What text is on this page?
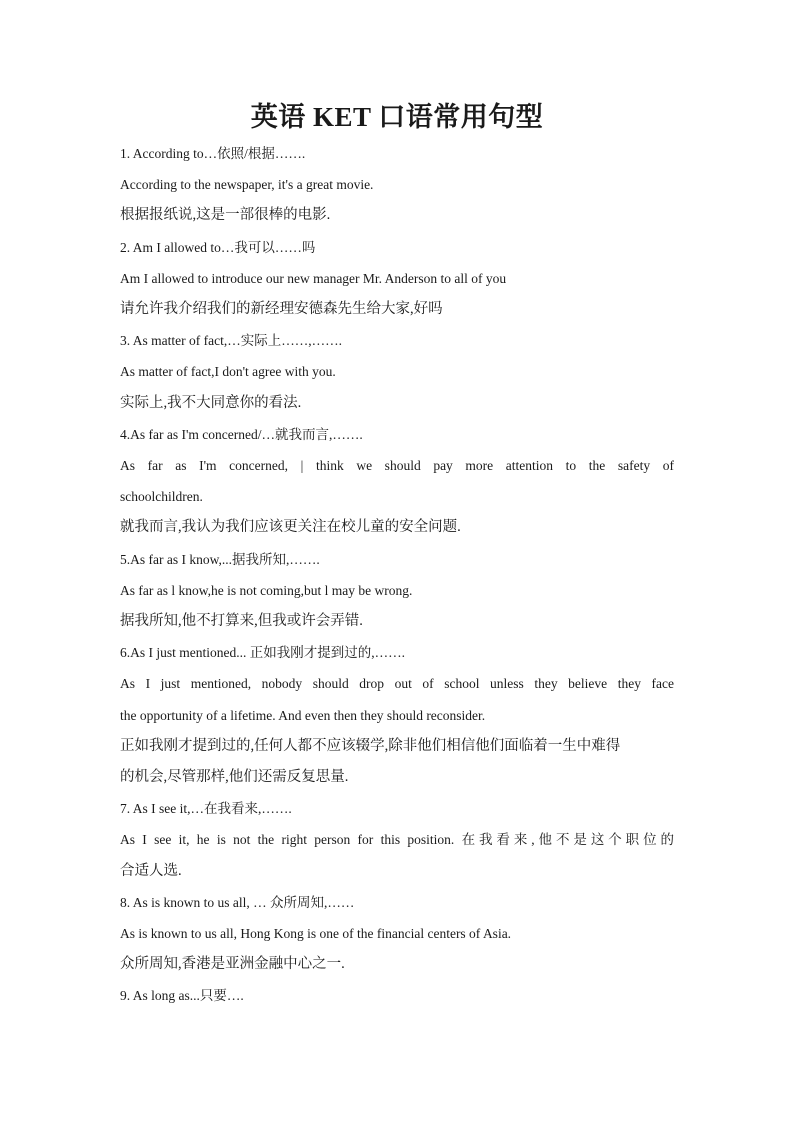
英语 KET 口语常用句型

1. According to…依照/根据…….

According to the newspaper, it's a great movie.

根据报纸说,这是一部很棒的电影.

2. Am I allowed to…我可以……吗

Am I allowed to introduce our new manager Mr. Anderson to all of you

请允许我介绍我们的新经理安德森先生给大家,好吗

3. As matter of fact,…实际上……,…….

As matter of fact,I don't agree with you.

实际上,我不大同意你的看法.

4.As far as I'm concerned/…就我而言,…….

As far as I'm concerned, | think we should pay more attention to the safety of

schoolchildren.

就我而言,我认为我们应该更关注在校儿童的安全问题.

5.As far as I know,...据我所知,…….

As far as l know,he is not coming,but l may be wrong.

据我所知,他不打算来,但我或许会弄错.

6.As I just mentioned... 正如我刚才提到过的,…….

As I just mentioned, nobody should drop out of school unless they believe they face

the opportunity of a lifetime. And even then they should reconsider.

正如我刚才提到过的,任何人都不应该辍学,除非他们相信他们面临着一生中难得

的机会,尽管那样,他们还需反复思量.

7. As I see it,…在我看来,…….

As I see it, he is not the right person for this position. 在我看来,他不是这个职位的

合适人选.

8. As is known to us all, … 众所周知,……

As is known to us all, Hong Kong is one of the financial centers of Asia.

众所周知,香港是亚洲金融中心之一.

9. As long as...只要….
